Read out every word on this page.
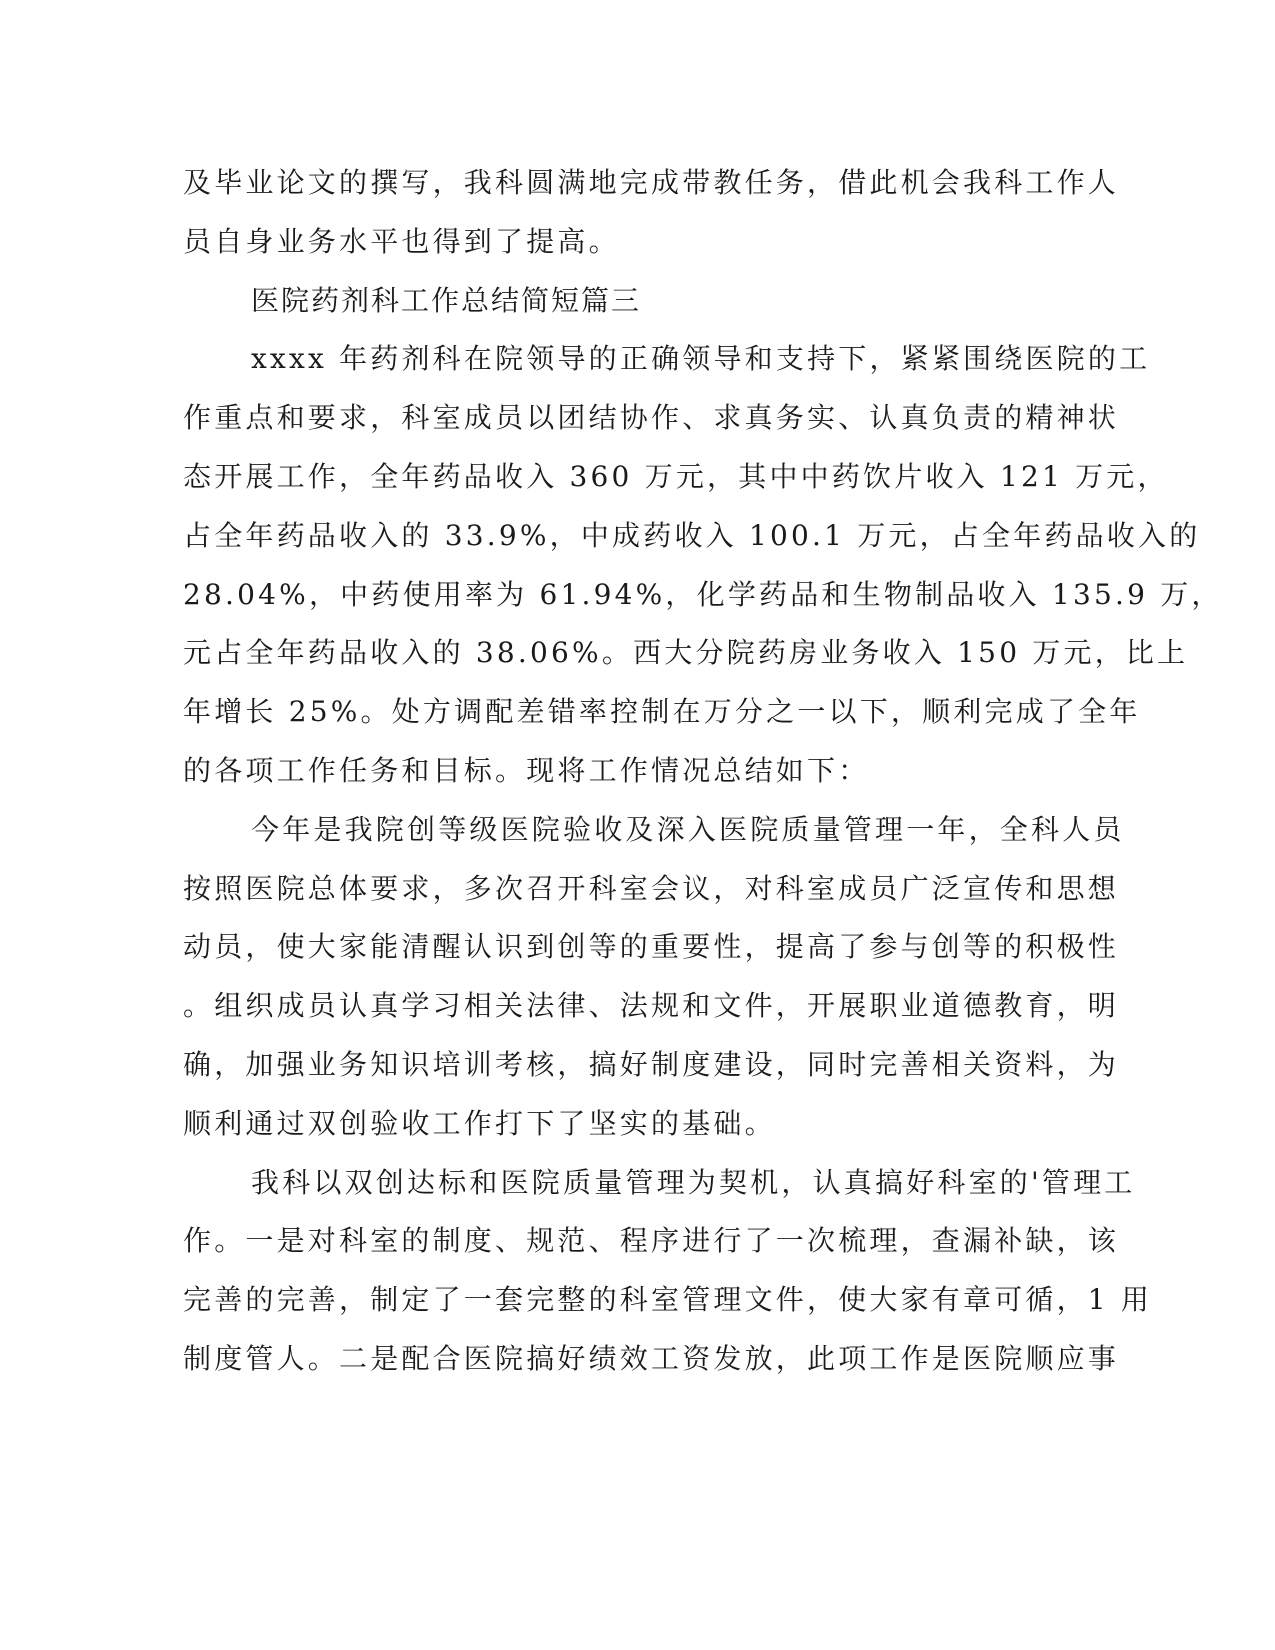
及毕业论文的撰写，我科圆满地完成带教任务，借此机会我科工作人
员自身业务水平也得到了提高。
医院药剂科工作总结简短篇三
xxxx 年药剂科在院领导的正确领导和支持下，紧紧围绕医院的工
作重点和要求，科室成员以团结协作、求真务实、认真负责的精神状
态开展工作，全年药品收入 360 万元，其中中药饮片收入 121 万元，
占全年药品收入的 33.9%，中成药收入 100.1 万元，占全年药品收入的
28.04%，中药使用率为 61.94%，化学药品和生物制品收入 135.9 万，
元占全年药品收入的 38.06%。西大分院药房业务收入 150 万元，比上
年增长 25%。处方调配差错率控制在万分之一以下，顺利完成了全年
的各项工作任务和目标。现将工作情况总结如下：
今年是我院创等级医院验收及深入医院质量管理一年，全科人员
按照医院总体要求，多次召开科室会议，对科室成员广泛宣传和思想
动员，使大家能清醒认识到创等的重要性，提高了参与创等的积极性
。组织成员认真学习相关法律、法规和文件，开展职业道德教育，明
确，加强业务知识培训考核，搞好制度建设，同时完善相关资料，为
顺利通过双创验收工作打下了坚实的基础。
我科以双创达标和医院质量管理为契机，认真搞好科室的'管理工
作。一是对科室的制度、规范、程序进行了一次梳理，查漏补缺，该
完善的完善，制定了一套完整的科室管理文件，使大家有章可循，1 用
制度管人。二是配合医院搞好绩效工资发放，此项工作是医院顺应事
